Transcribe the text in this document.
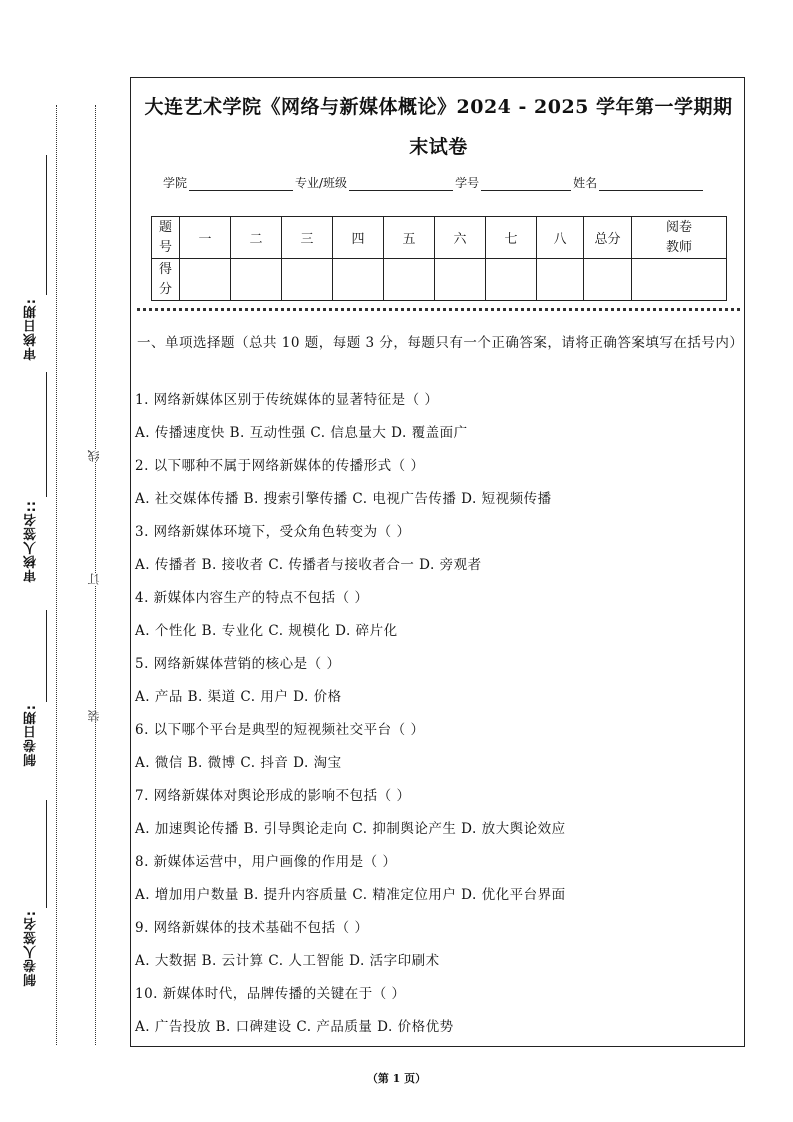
审核日期:
审核人签名::
制卷日期:
制卷人签名:
线
订
装
大连艺术学院《网络与新媒体概论》2024 - 2025 学年第一学期期
末试卷
学院	专业/班级	学号	姓名
题号	一	二	三	四	五	六	七	八	总分	阅卷教师
得分										
一、单项选择题（总共 10 题，每题 3 分，每题只有一个正确答案，请将正确答案填写在括号内）
1. 网络新媒体区别于传统媒体的显著特征是（ ）
A. 传播速度快 B. 互动性强 C. 信息量大 D. 覆盖面广
2. 以下哪种不属于网络新媒体的传播形式（ ）
A. 社交媒体传播 B. 搜索引擎传播 C. 电视广告传播 D. 短视频传播
3. 网络新媒体环境下，受众角色转变为（ ）
A. 传播者 B. 接收者 C. 传播者与接收者合一 D. 旁观者
4. 新媒体内容生产的特点不包括（ ）
A. 个性化 B. 专业化 C. 规模化 D. 碎片化
5. 网络新媒体营销的核心是（ ）
A. 产品 B. 渠道 C. 用户 D. 价格
6. 以下哪个平台是典型的短视频社交平台（ ）
A. 微信 B. 微博 C. 抖音 D. 淘宝
7. 网络新媒体对舆论形成的影响不包括（ ）
A. 加速舆论传播 B. 引导舆论走向 C. 抑制舆论产生 D. 放大舆论效应
8. 新媒体运营中，用户画像的作用是（ ）
A. 增加用户数量 B. 提升内容质量 C. 精准定位用户 D. 优化平台界面
9. 网络新媒体的技术基础不包括（ ）
A. 大数据 B. 云计算 C. 人工智能 D. 活字印刷术
10. 新媒体时代，品牌传播的关键在于（ ）
A. 广告投放 B. 口碑建设 C. 产品质量 D. 价格优势
（第 1 页）
